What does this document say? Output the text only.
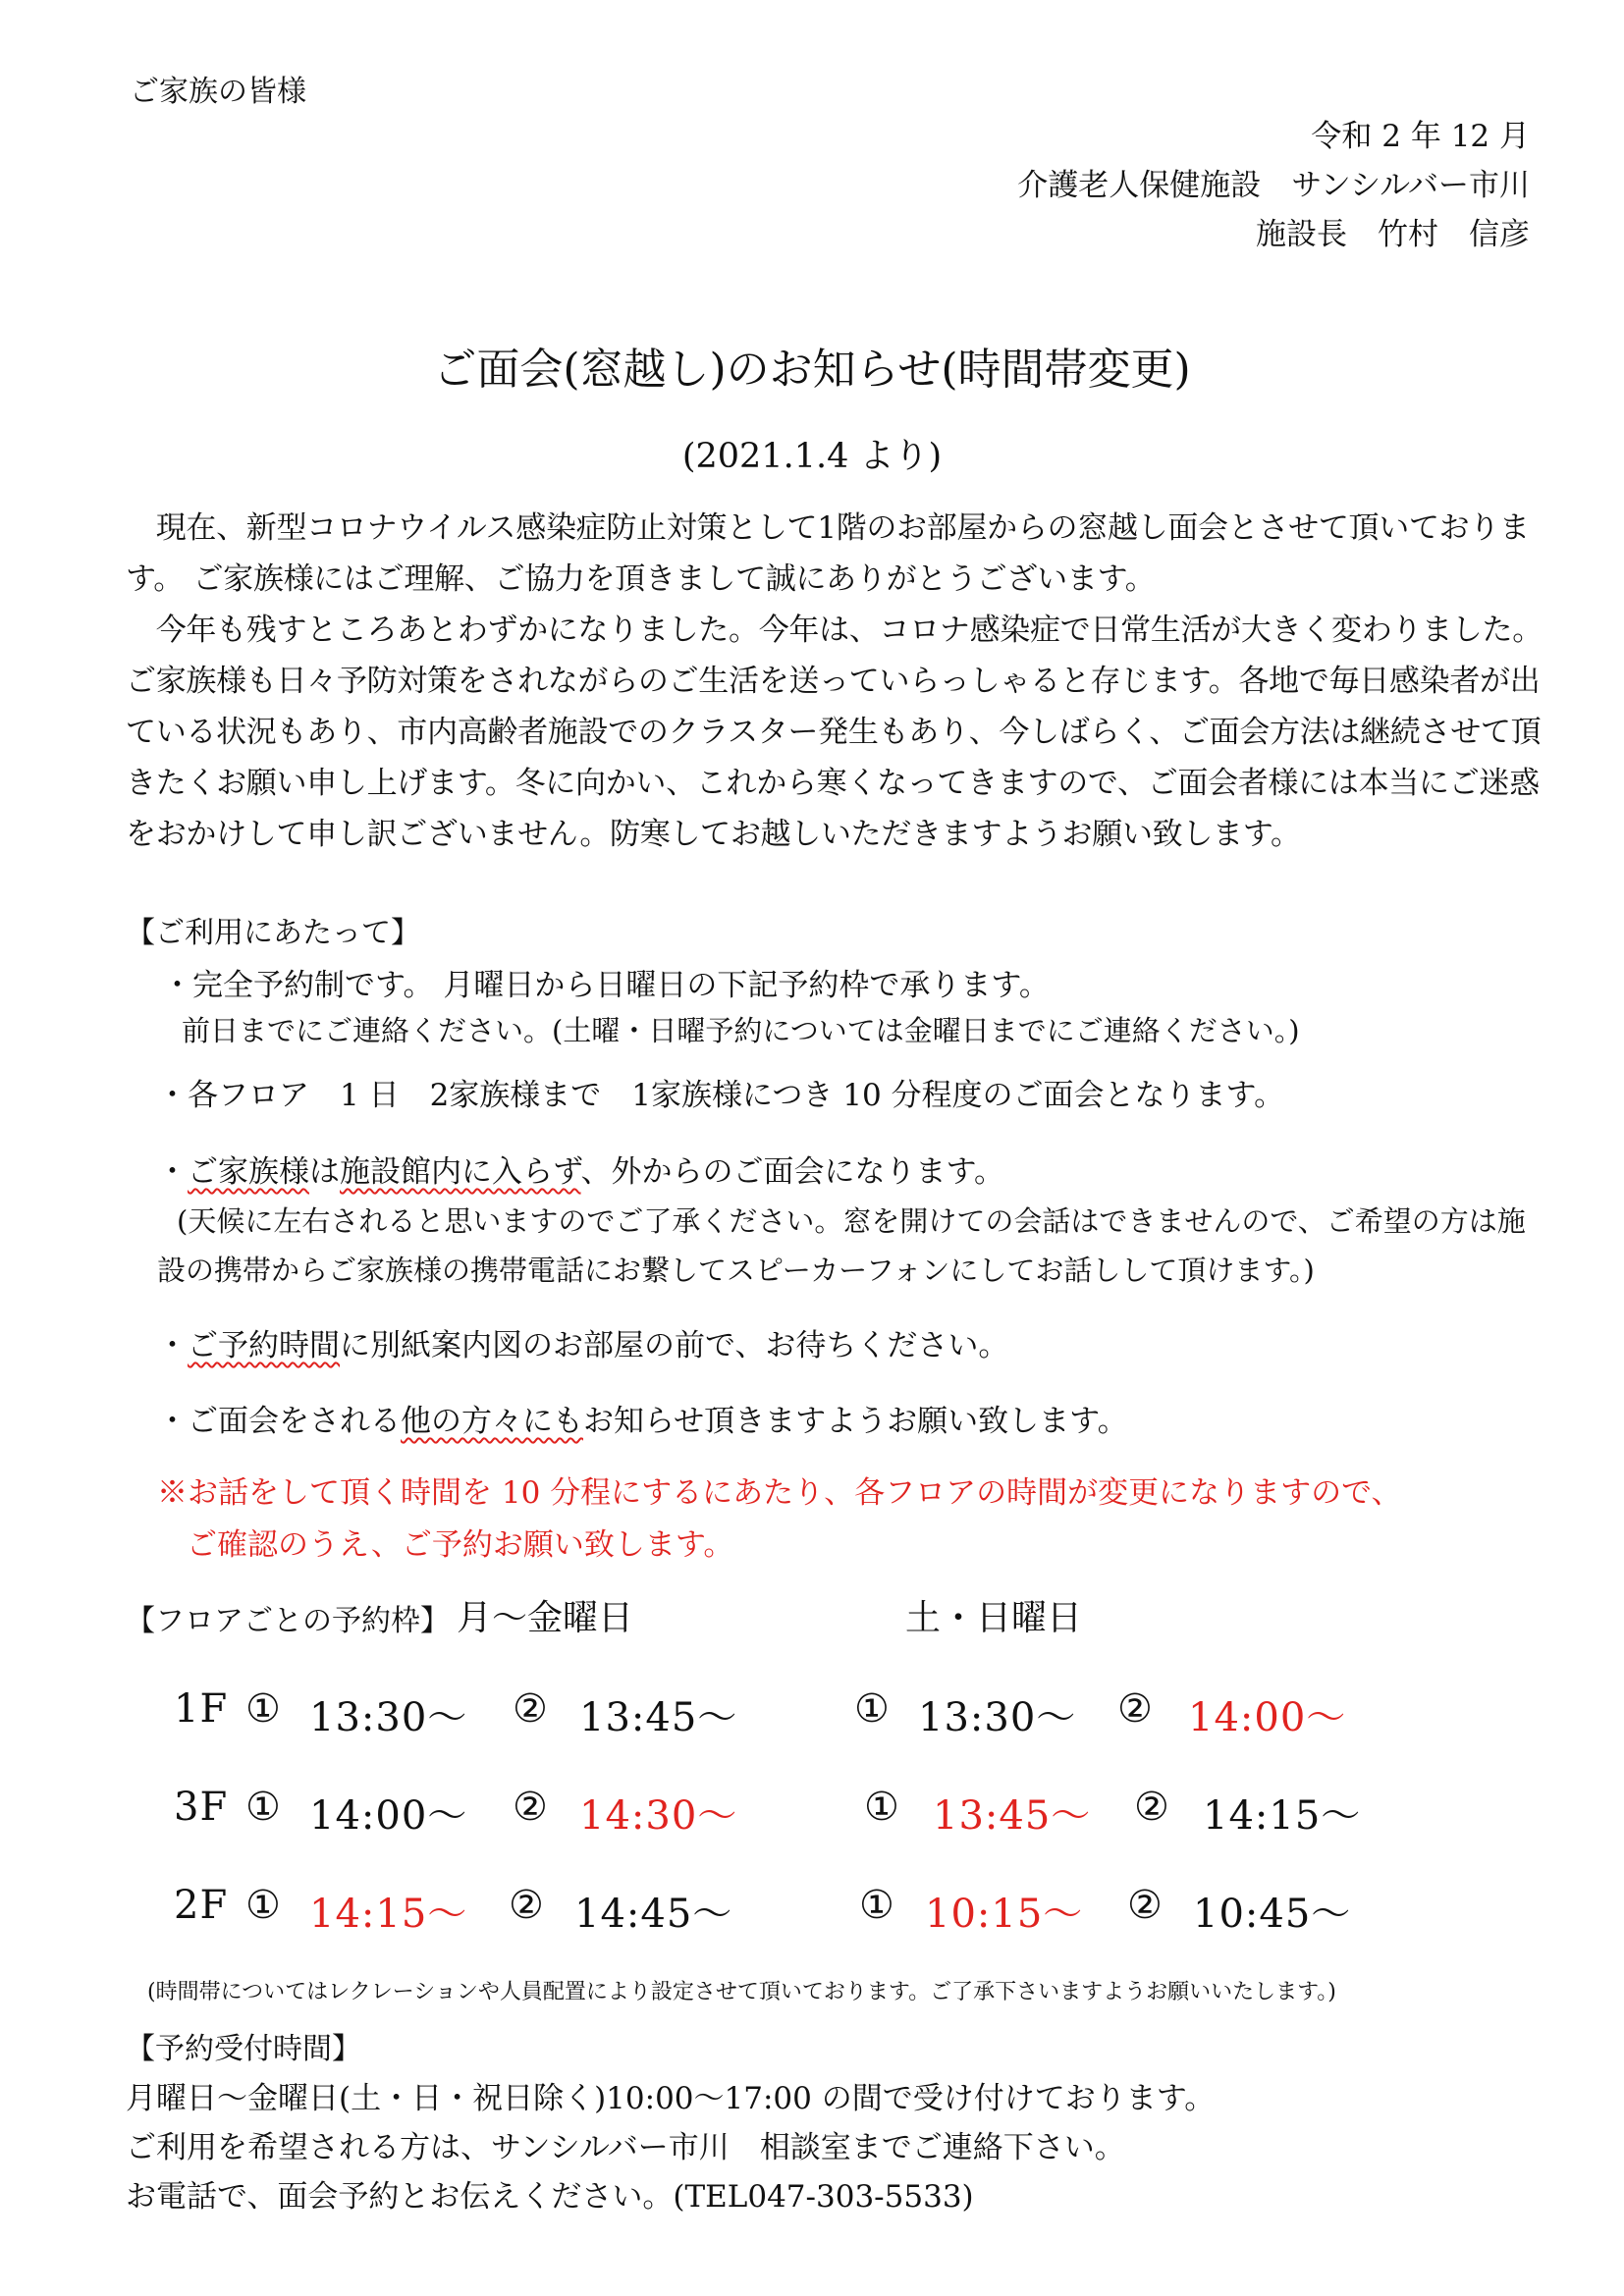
ご家族の皆様
令和 2 年 12 月
介護老人保健施設　サンシルバー市川
施設長　竹村　信彦
ご面会(窓越し)のお知らせ(時間帯変更)
(2021.1.4 より)

　現在、新型コロナウイルス感染症防止対策として1階のお部屋からの窓越し面会とさせて頂いております。 ご家族様にはご理解、ご協力を頂きまして誠にありがとうございます。

　今年も残すところあとわずかになりました。今年は、コロナ感染症で日常生活が大きく変わりました。ご家族様も日々予防対策をされながらのご生活を送っていらっしゃると存じます。各地で毎日感染者が出ている状況もあり、市内高齢者施設でのクラスター発生もあり、今しばらく、ご面会方法は継続させて頂きたくお願い申し上げます。冬に向かい、これから寒くなってきますので、ご面会者様には本当にご迷惑をおかけして申し訳ございません。防寒してお越しいただきますようお願い致します。

【ご利用にあたって】
・完全予約制です。 月曜日から日曜日の下記予約枠で承ります。
前日までにご連絡ください。(土曜・日曜予約については金曜日までにご連絡ください。)
・各フロア　1 日　2家族様まで　1家族様につき 10 分程度のご面会となります。
・ご家族様は施設館内に入らず、外からのご面会になります。
(天候に左右されると思いますのでご了承ください。窓を開けての会話はできませんので、ご希望の方は施
設の携帯からご家族様の携帯電話にお繋してスピーカーフォンにしてお話しして頂けます。)
・ご予約時間に別紙案内図のお部屋の前で、お待ちください。
・ご面会をされる他の方々にもお知らせ頂きますようお願い致します。
※お話をして頂く時間を 10 分程にするにあたり、各フロアの時間が変更になりますので、
ご確認のうえ、ご予約お願い致します。
【フロアごとの予約枠】 月～金曜日	土・日曜日
1F ① 13:30～ ② 13:45～	① 13:30～ ② 14:00～
3F ① 14:00～ ② 14:30～	① 13:45～ ② 14:15～
2F ① 14:15～ ② 14:45～	① 10:15～ ② 10:45～
(時間帯についてはレクレーションや人員配置により設定させて頂いております。ご了承下さいますようお願いいたします。)
【予約受付時間】
月曜日～金曜日(土・日・祝日除く)10:00～17:00 の間で受け付けております。
ご利用を希望される方は、サンシルバー市川　相談室までご連絡下さい。
お電話で、面会予約とお伝えください。(TEL047-303-5533)
